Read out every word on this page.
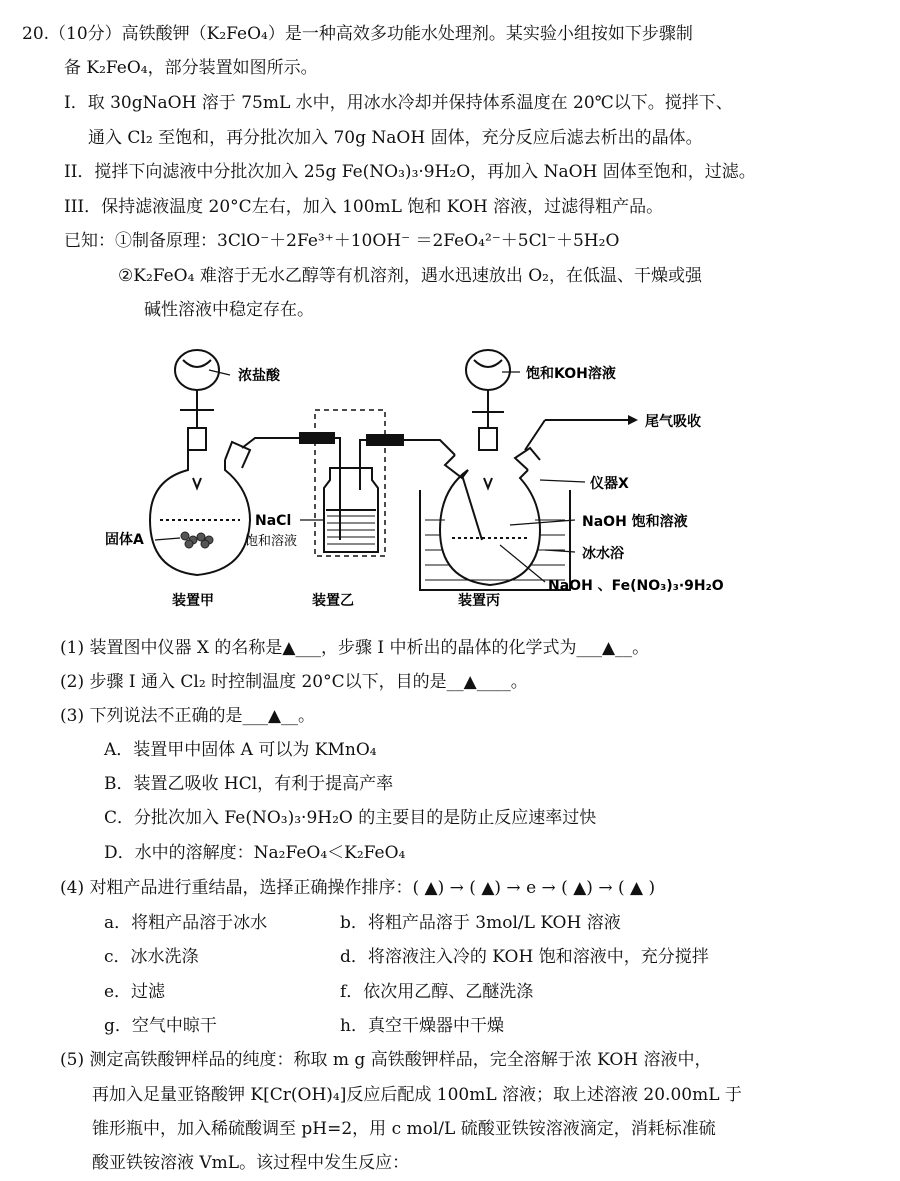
20.（10分）高铁酸钾（K₂FeO₄）是一种高效多功能水处理剂。某实验小组按如下步骤制
备 K₂FeO₄，部分装置如图所示。
I．取 30gNaOH 溶于 75mL 水中，用冰水冷却并保持体系温度在 20℃以下。搅拌下、
通入 Cl₂ 至饱和，再分批次加入 70g NaOH 固体，充分反应后滤去析出的晶体。
II．搅拌下向滤液中分批次加入 25g Fe(NO₃)₃·9H₂O，再加入 NaOH 固体至饱和，过滤。
III．保持滤液温度 20°C左右，加入 100mL 饱和 KOH 溶液，过滤得粗产品。
已知：①制备原理：3ClO⁻＋2Fe³⁺＋10OH⁻ ＝2FeO₄²⁻＋5Cl⁻＋5H₂O
②K₂FeO₄ 难溶于无水乙醇等有机溶剂，遇水迅速放出 O₂，在低温、干燥或强
碱性溶液中稳定存在。
浓盐酸
NaCl
饱和溶液
固体A
饱和KOH溶液
尾气吸收
仪器X
NaOH 饱和溶液
冰水浴
NaOH 、Fe(NO₃)₃·9H₂O
装置甲	装置乙	装置丙
(1) 装置图中仪器 X 的名称是▲___，步骤 I 中析出的晶体的化学式为___▲__。
(2) 步骤 I 通入 Cl₂ 时控制温度 20°C以下，目的是__▲____。
(3) 下列说法不正确的是___▲__。
A．装置甲中固体 A 可以为 KMnO₄
B．装置乙吸收 HCl，有利于提高产率
C．分批次加入 Fe(NO₃)₃·9H₂O 的主要目的是防止反应速率过快
D．水中的溶解度：Na₂FeO₄＜K₂FeO₄
(4) 对粗产品进行重结晶，选择正确操作排序：( ▲) → ( ▲) → e → ( ▲) → ( ▲ )
a．将粗产品溶于冰水	b．将粗产品溶于 3mol/L KOH 溶液
c．冰水洗涤	d．将溶液注入冷的 KOH 饱和溶液中，充分搅拌
e．过滤	f．依次用乙醇、乙醚洗涤
g．空气中晾干	h．真空干燥器中干燥
(5) 测定高铁酸钾样品的纯度：称取 m g 高铁酸钾样品，完全溶解于浓 KOH 溶液中，
再加入足量亚铬酸钾 K[Cr(OH)₄]反应后配成 100mL 溶液；取上述溶液 20.00mL 于
锥形瓶中，加入稀硫酸调至 pH=2，用 c mol/L 硫酸亚铁铵溶液滴定，消耗标准硫
酸亚铁铵溶液 VmL。该过程中发生反应：
